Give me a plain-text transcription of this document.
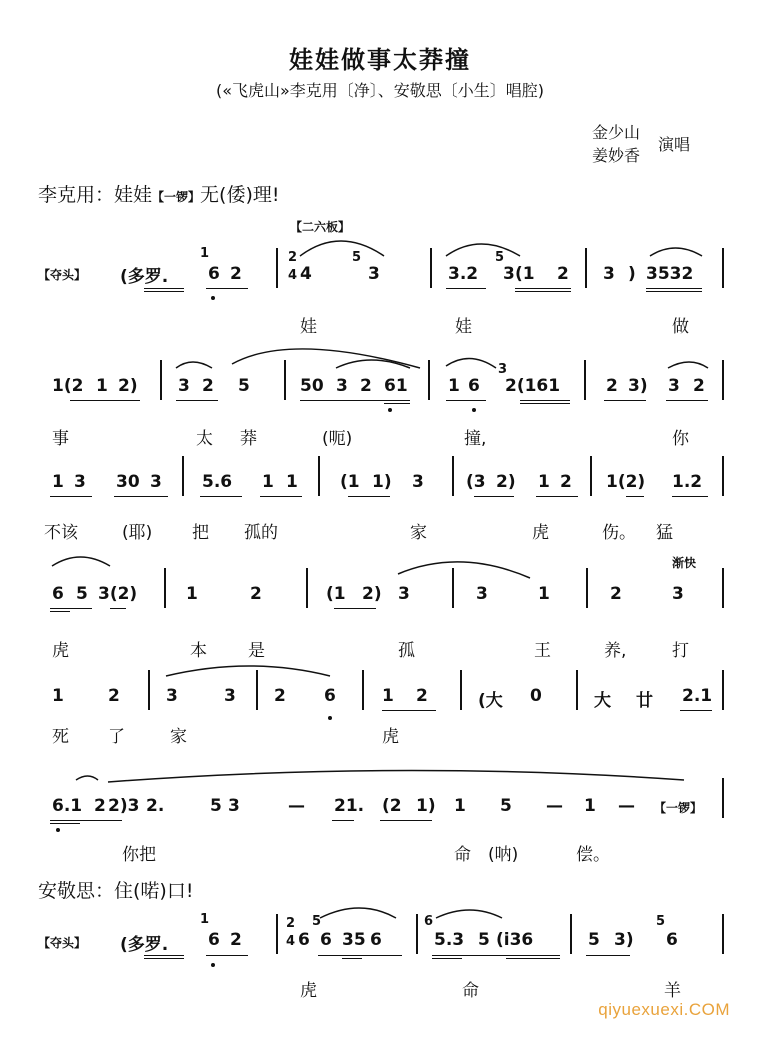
娃娃做事太莽撞
(«飞虎山»李克用〔净〕、安敬思〔小生〕唱腔)
金少山
姜妙香
演唱
李克用：娃娃【一锣】无(倭)理!
【二六板】
【夺头】 (多罗.
1
6 2
2
4 4
5
3	3.2
5
3 (1 2 3 ) 3532
娃	娃	做
1(2 1 2) 3 2 5	50 3 2 61 1 6
3
2(161	2 3) 3 2
事	太 莽	(呃)	撞,	你
1 3 30 3 5.6 1 1 (1 1) 3 (3 2) 1 2 1(2) 1.2
不该	(耶) 把 孤的	家	虎	伤。 猛
渐快
6 5 3(2)	1	2	(1 2) 3	3	1	2	3
虎	本 是	孤	王	养,	打
1	2	3	3 2 6	1 2	(大 0	大 廿 2.1
死 了	家	虎
6.1 2 2)3 2.	5 3	— 21. (2 1) 1 5 — 1 — 【一锣】
你把	命 (呐)	偿。
安敬思：住(喏)口!
【夺头】 (多罗.
1
6 2
2
4 6
5
6 35 6
6
5.3 5 (i36	5 3)
5
6
虎	命	羊
qiyuexuexi.COM
